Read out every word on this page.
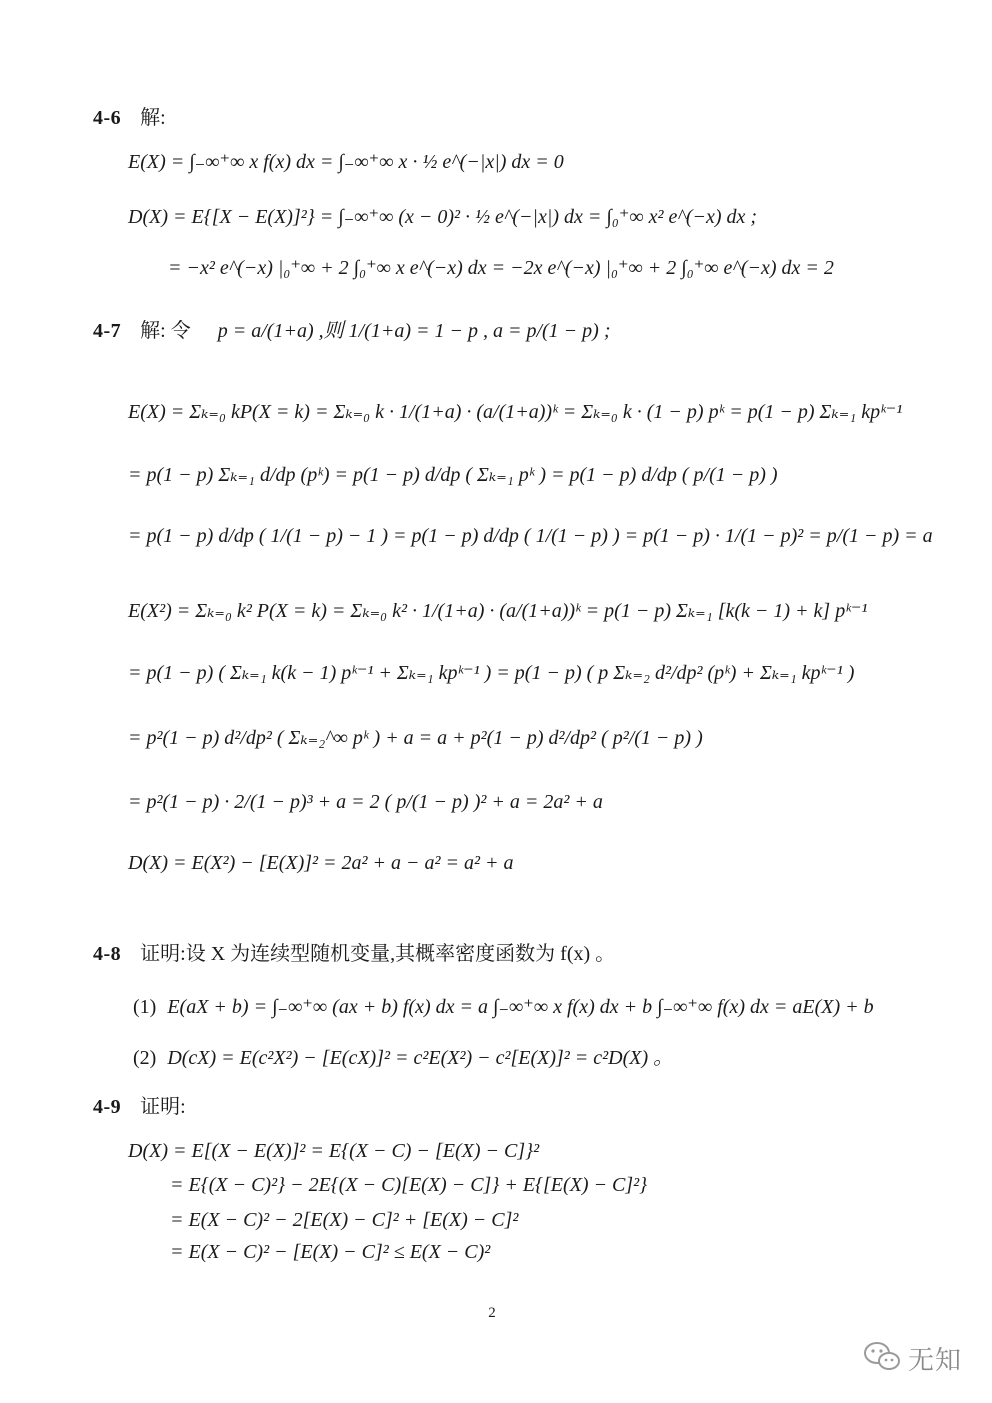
4-6 解:
E(X) = ∫₋∞⁺∞ x f(x) dx = ∫₋∞⁺∞ x · ½ e^(−|x|) dx = 0
D(X) = E{[X − E(X)]²} = ∫₋∞⁺∞ (x − 0)² · ½ e^(−|x|) dx = ∫₀⁺∞ x² e^(−x) dx ;
= −x² e^(−x) |₀⁺∞ + 2 ∫₀⁺∞ x e^(−x) dx = −2x e^(−x) |₀⁺∞ + 2 ∫₀⁺∞ e^(−x) dx = 2
4-7 解: 令 p = a/(1+a) ,则 1/(1+a) = 1 − p , a = p/(1 − p) ;
E(X) = Σₖ₌₀ kP(X = k) = Σₖ₌₀ k · 1/(1+a) · (a/(1+a))ᵏ = Σₖ₌₀ k · (1 − p) pᵏ = p(1 − p) Σₖ₌₁ kpᵏ⁻¹
= p(1 − p) Σₖ₌₁ d/dp (pᵏ) = p(1 − p) d/dp ( Σₖ₌₁ pᵏ ) = p(1 − p) d/dp ( p/(1 − p) )
= p(1 − p) d/dp ( 1/(1 − p) − 1 ) = p(1 − p) d/dp ( 1/(1 − p) ) = p(1 − p) · 1/(1 − p)² = p/(1 − p) = a
E(X²) = Σₖ₌₀ k² P(X = k) = Σₖ₌₀ k² · 1/(1+a) · (a/(1+a))ᵏ = p(1 − p) Σₖ₌₁ [k(k − 1) + k] pᵏ⁻¹
= p(1 − p) ( Σₖ₌₁ k(k − 1) pᵏ⁻¹ + Σₖ₌₁ kpᵏ⁻¹ ) = p(1 − p) ( p Σₖ₌₂ d²/dp² (pᵏ) + Σₖ₌₁ kpᵏ⁻¹ )
= p²(1 − p) d²/dp² ( Σₖ₌₂^∞ pᵏ ) + a = a + p²(1 − p) d²/dp² ( p²/(1 − p) )
= p²(1 − p) · 2/(1 − p)³ + a = 2 ( p/(1 − p) )² + a = 2a² + a
D(X) = E(X²) − [E(X)]² = 2a² + a − a² = a² + a
4-8 证明:设 X 为连续型随机变量,其概率密度函数为 f(x) 。
(1) E(aX + b) = ∫₋∞⁺∞ (ax + b) f(x) dx = a ∫₋∞⁺∞ x f(x) dx + b ∫₋∞⁺∞ f(x) dx = aE(X) + b
(2) D(cX) = E(c²X²) − [E(cX)]² = c²E(X²) − c²[E(X)]² = c²D(X) 。
4-9 证明:
D(X) = E[(X − E(X)]² = E{(X − C) − [E(X) − C]}²
= E{(X − C)²} − 2E{(X − C)[E(X) − C]} + E{[E(X) − C]²}
= E(X − C)² − 2[E(X) − C]² + [E(X) − C]²
= E(X − C)² − [E(X) − C]² ≤ E(X − C)²
2
无知
